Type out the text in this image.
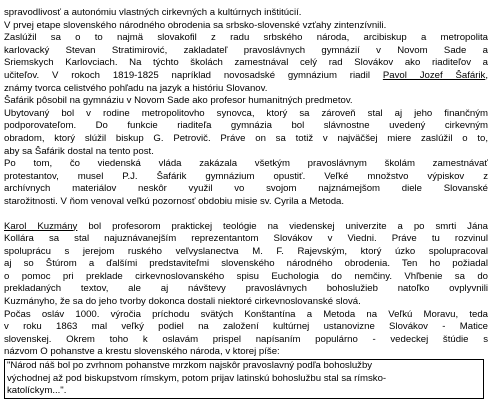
spravodlivosť a autonómiu vlastných cirkevných a kultúrnych inštitúcií.
V prvej etape slovenského národného obrodenia sa srbsko-slovenské vzťahy zintenzívnili.
Zaslúžil sa o to najmä slovakofil z radu srbského národa, arcibiskup a metropolita
karlovacký Stevan Stratimirović, zakladateľ pravoslávnych gymnázií v Novom Sade a
Sriemskych Karlovciach. Na týchto školách zamestnával celý rad Slovákov ako riaditeľov a
učiteľov. V rokoch 1819-1825 napríklad novosadské gymnázium riadil Pavol Jozef Šafárik,
známy tvorca celistvého pohľadu na jazyk a históriu Slovanov.
Šafárik pôsobil na gymnáziu v Novom Sade ako profesor humanitných predmetov.
Ubytovaný bol v rodine metropolitovho synovca, ktorý sa zároveň stal aj jeho finančným
podporovateľom. Do funkcie riaditeľa gymnázia bol slávnostne uvedený cirkevným
obradom, ktorý slúžil biskup G. Petrovič. Práve on sa totiž v najväčšej miere zaslúžil o to,
aby sa Šafárik dostal na tento post.
Po tom, čo viedenská vláda zakázala všetkým pravoslávnym školám zamestnávať
protestantov, musel P.J. Šafárik gymnázium opustiť. Veľké množstvo výpiskov z
archívnych materiálov neskôr využil vo svojom najznámejšom diele Slovanské
starožitnosti. V ňom venoval veľkú pozornosť obdobiu misie sv. Cyrila a Metoda.
Karol Kuzmány bol profesorom praktickej teológie na viedenskej univerzite a po smrti Jána
Kollára sa stal najuznávanejším reprezentantom Slovákov v Viedni. Práve tu rozvinul
spoluprácu s jerejom ruského veľvyslanectva M. F. Rajevským, ktorý úzko spolupracoval
aj so Štúrom a ďalšími predstaviteľmi slovenského národného obrodenia. Ten ho požiadal
o pomoc pri preklade cirkevnoslovanského spisu Euchologia do nemčiny. Vhľbenie sa do
prekladaných textov, ale aj návštevy pravoslávnych bohoslužieb natoľko ovplyvnili
Kuzmányho, že sa do jeho tvorby dokonca dostali niektoré cirkevnoslovanské slová.
Počas osláv 1000. výročia príchodu svätých Konštantína a Metoda na Veľkú Moravu, teda
v roku 1863 mal veľký podiel na založení kultúrnej ustanovizne Slovákov - Matice
slovenskej. Okrem toho k oslavám prispel napísaním populárno - vedeckej štúdie s
názvom O pohanstve a krestu slovenského národa, v ktorej píše:
"Národ náš bol po zvrhnom pohanstve mrzkom najskôr pravoslavný podľa bohoslužby
východnej až pod biskupstvom rímskym, potom prijav latinskú bohoslužbu stal sa rímsko-
katolíckym...".
